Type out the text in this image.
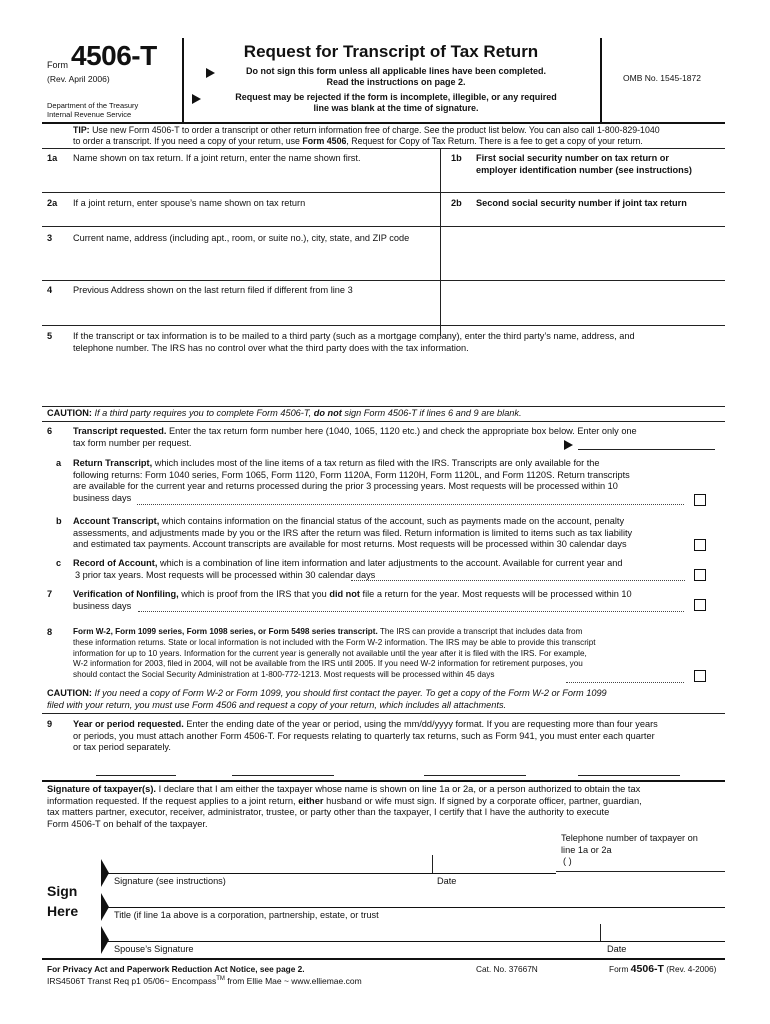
Form 4506-T
(Rev. April 2006)
Department of the Treasury
Internal Revenue Service
Request for Transcript of Tax Return
Do not sign this form unless all applicable lines have been completed.
Read the instructions on page 2.
Request may be rejected if the form is incomplete, illegible, or any required
line was blank at the time of signature.
OMB No. 1545-1872
TIP: Use new Form 4506-T to order a transcript or other return information free of charge. See the product list below. You can also call 1-800-829-1040
to order a transcript. If you need a copy of your return, use Form 4506, Request for Copy of Tax Return. There is a fee to get a copy of your return.
1a Name shown on tax return. If a joint return, enter the name shown first.	1b First social security number on tax return or
employer identification number (see instructions)
2a If a joint return, enter spouse’s name shown on tax return	2b Second social security number if joint tax return
3 Current name, address (including apt., room, or suite no.), city, state, and ZIP code
4 Previous Address shown on the last return filed if different from line 3
5 If the transcript or tax information is to be mailed to a third party (such as a mortgage company), enter the third party’s name, address, and
telephone number. The IRS has no control over what the third party does with the tax information.
CAUTION: If a third party requires you to complete Form 4506-T, do not sign Form 4506-T if lines 6 and 9 are blank.
6 Transcript requested. Enter the tax return form number here (1040, 1065, 1120 etc.) and check the appropriate box below. Enter only one
tax form number per request.
a Return Transcript, which includes most of the line items of a tax return as filed with the IRS. Transcripts are only available for the
following returns: Form 1040 series, Form 1065, Form 1120, Form 1120A, Form 1120H, Form 1120L, and Form 1120S. Return transcripts
are available for the current year and returns processed during the prior 3 processing years. Most requests will be processed within 10
business days
b Account Transcript, which contains information on the financial status of the account, such as payments made on the account, penalty
assessments, and adjustments made by you or the IRS after the return was filed. Return information is limited to items such as tax liability
and estimated tax payments. Account transcripts are available for most returns. Most requests will be processed within 30 calendar days
c Record of Account, which is a combination of line item information and later adjustments to the account. Available for current year and
3 prior tax years. Most requests will be processed within 30 calendar days
7 Verification of Nonfiling, which is proof from the IRS that you did not file a return for the year. Most requests will be processed within 10
business days
8	Form W-2, Form 1099 series, Form 1098 series, or Form 5498 series transcript. The IRS can provide a transcript that includes data from
these information returns. State or local information is not included with the Form W-2 information. The IRS may be able to provide this transcript
information for up to 10 years. Information for the current year is generally not available until the year after it is filed with the IRS. For example,
W-2 information for 2003, filed in 2004, will not be available from the IRS until 2005. If you need W-2 information for retirement purposes, you
should contact the Social Security Administration at 1-800-772-1213. Most requests will be processed within 45 days
CAUTION: If you need a copy of Form W-2 or Form 1099, you should first contact the payer. To get a copy of the Form W-2 or Form 1099
filed with your return, you must use Form 4506 and request a copy of your return, which includes all attachments.
9 Year or period requested. Enter the ending date of the year or period, using the mm/dd/yyyy format. If you are requesting more than four years
or periods, you must attach another Form 4506-T. For requests relating to quarterly tax returns, such as Form 941, you must enter each quarter
or tax period separately.
Signature of taxpayer(s). I declare that I am either the taxpayer whose name is shown on line 1a or 2a, or a person authorized to obtain the tax
information requested. If the request applies to a joint return, either husband or wife must sign. If signed by a corporate officer, partner, guardian,
tax matters partner, executor, receiver, administrator, trustee, or party other than the taxpayer, I certify that I have the authority to execute
Form 4506-T on behalf of the taxpayer.
Telephone number of taxpayer on
line 1a or 2a
( )
Sign
Here
Signature (see instructions)	Date
Title (if line 1a above is a corporation, partnership, estate, or trust
Spouse’s Signature	Date
For Privacy Act and Paperwork Reduction Act Notice, see page 2.	Cat. No. 37667N	Form 4506-T (Rev. 4-2006)
IRS4506T Transt Req p1 05/06~ Encompass™ from Ellie Mae ~ www.elliemae.com
